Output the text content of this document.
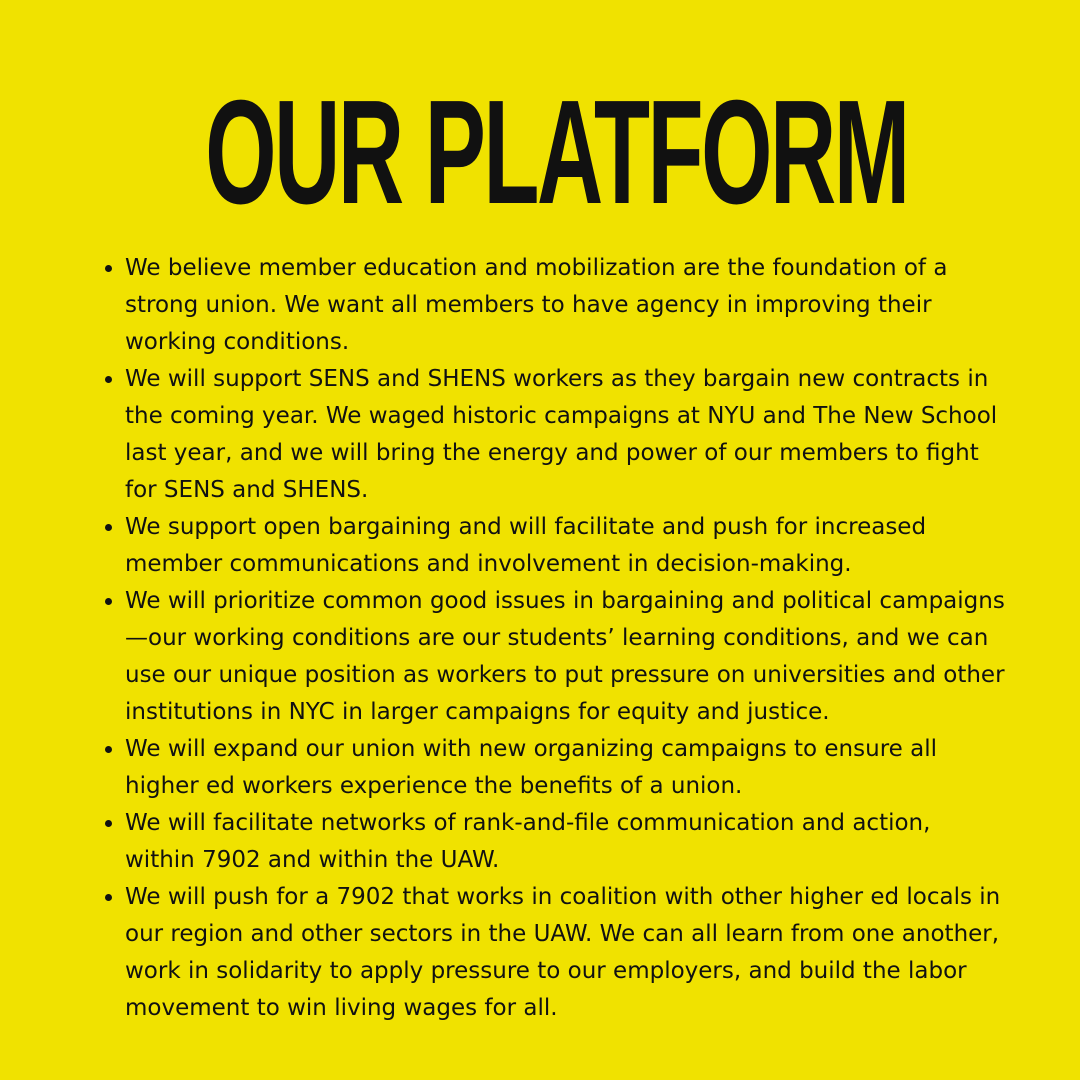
OUR PLATFORM
We believe member education and mobilization are the foundation of a strong union. We want all members to have agency in improving their working conditions.
We will support SENS and SHENS workers as they bargain new contracts in the coming year. We waged historic campaigns at NYU and The New School last year, and we will bring the energy and power of our members to fight for SENS and SHENS.
We support open bargaining and will facilitate and push for increased member communications and involvement in decision-making.
We will prioritize common good issues in bargaining and political campaigns—our working conditions are our students’ learning conditions, and we can use our unique position as workers to put pressure on universities and other institutions in NYC in larger campaigns for equity and justice.
We will expand our union with new organizing campaigns to ensure all higher ed workers experience the benefits of a union.
We will facilitate networks of rank-and-file communication and action, within 7902 and within the UAW.
We will push for a 7902 that works in coalition with other higher ed locals in our region and other sectors in the UAW. We can all learn from one another, work in solidarity to apply pressure to our employers, and build the labor movement to win living wages for all.
